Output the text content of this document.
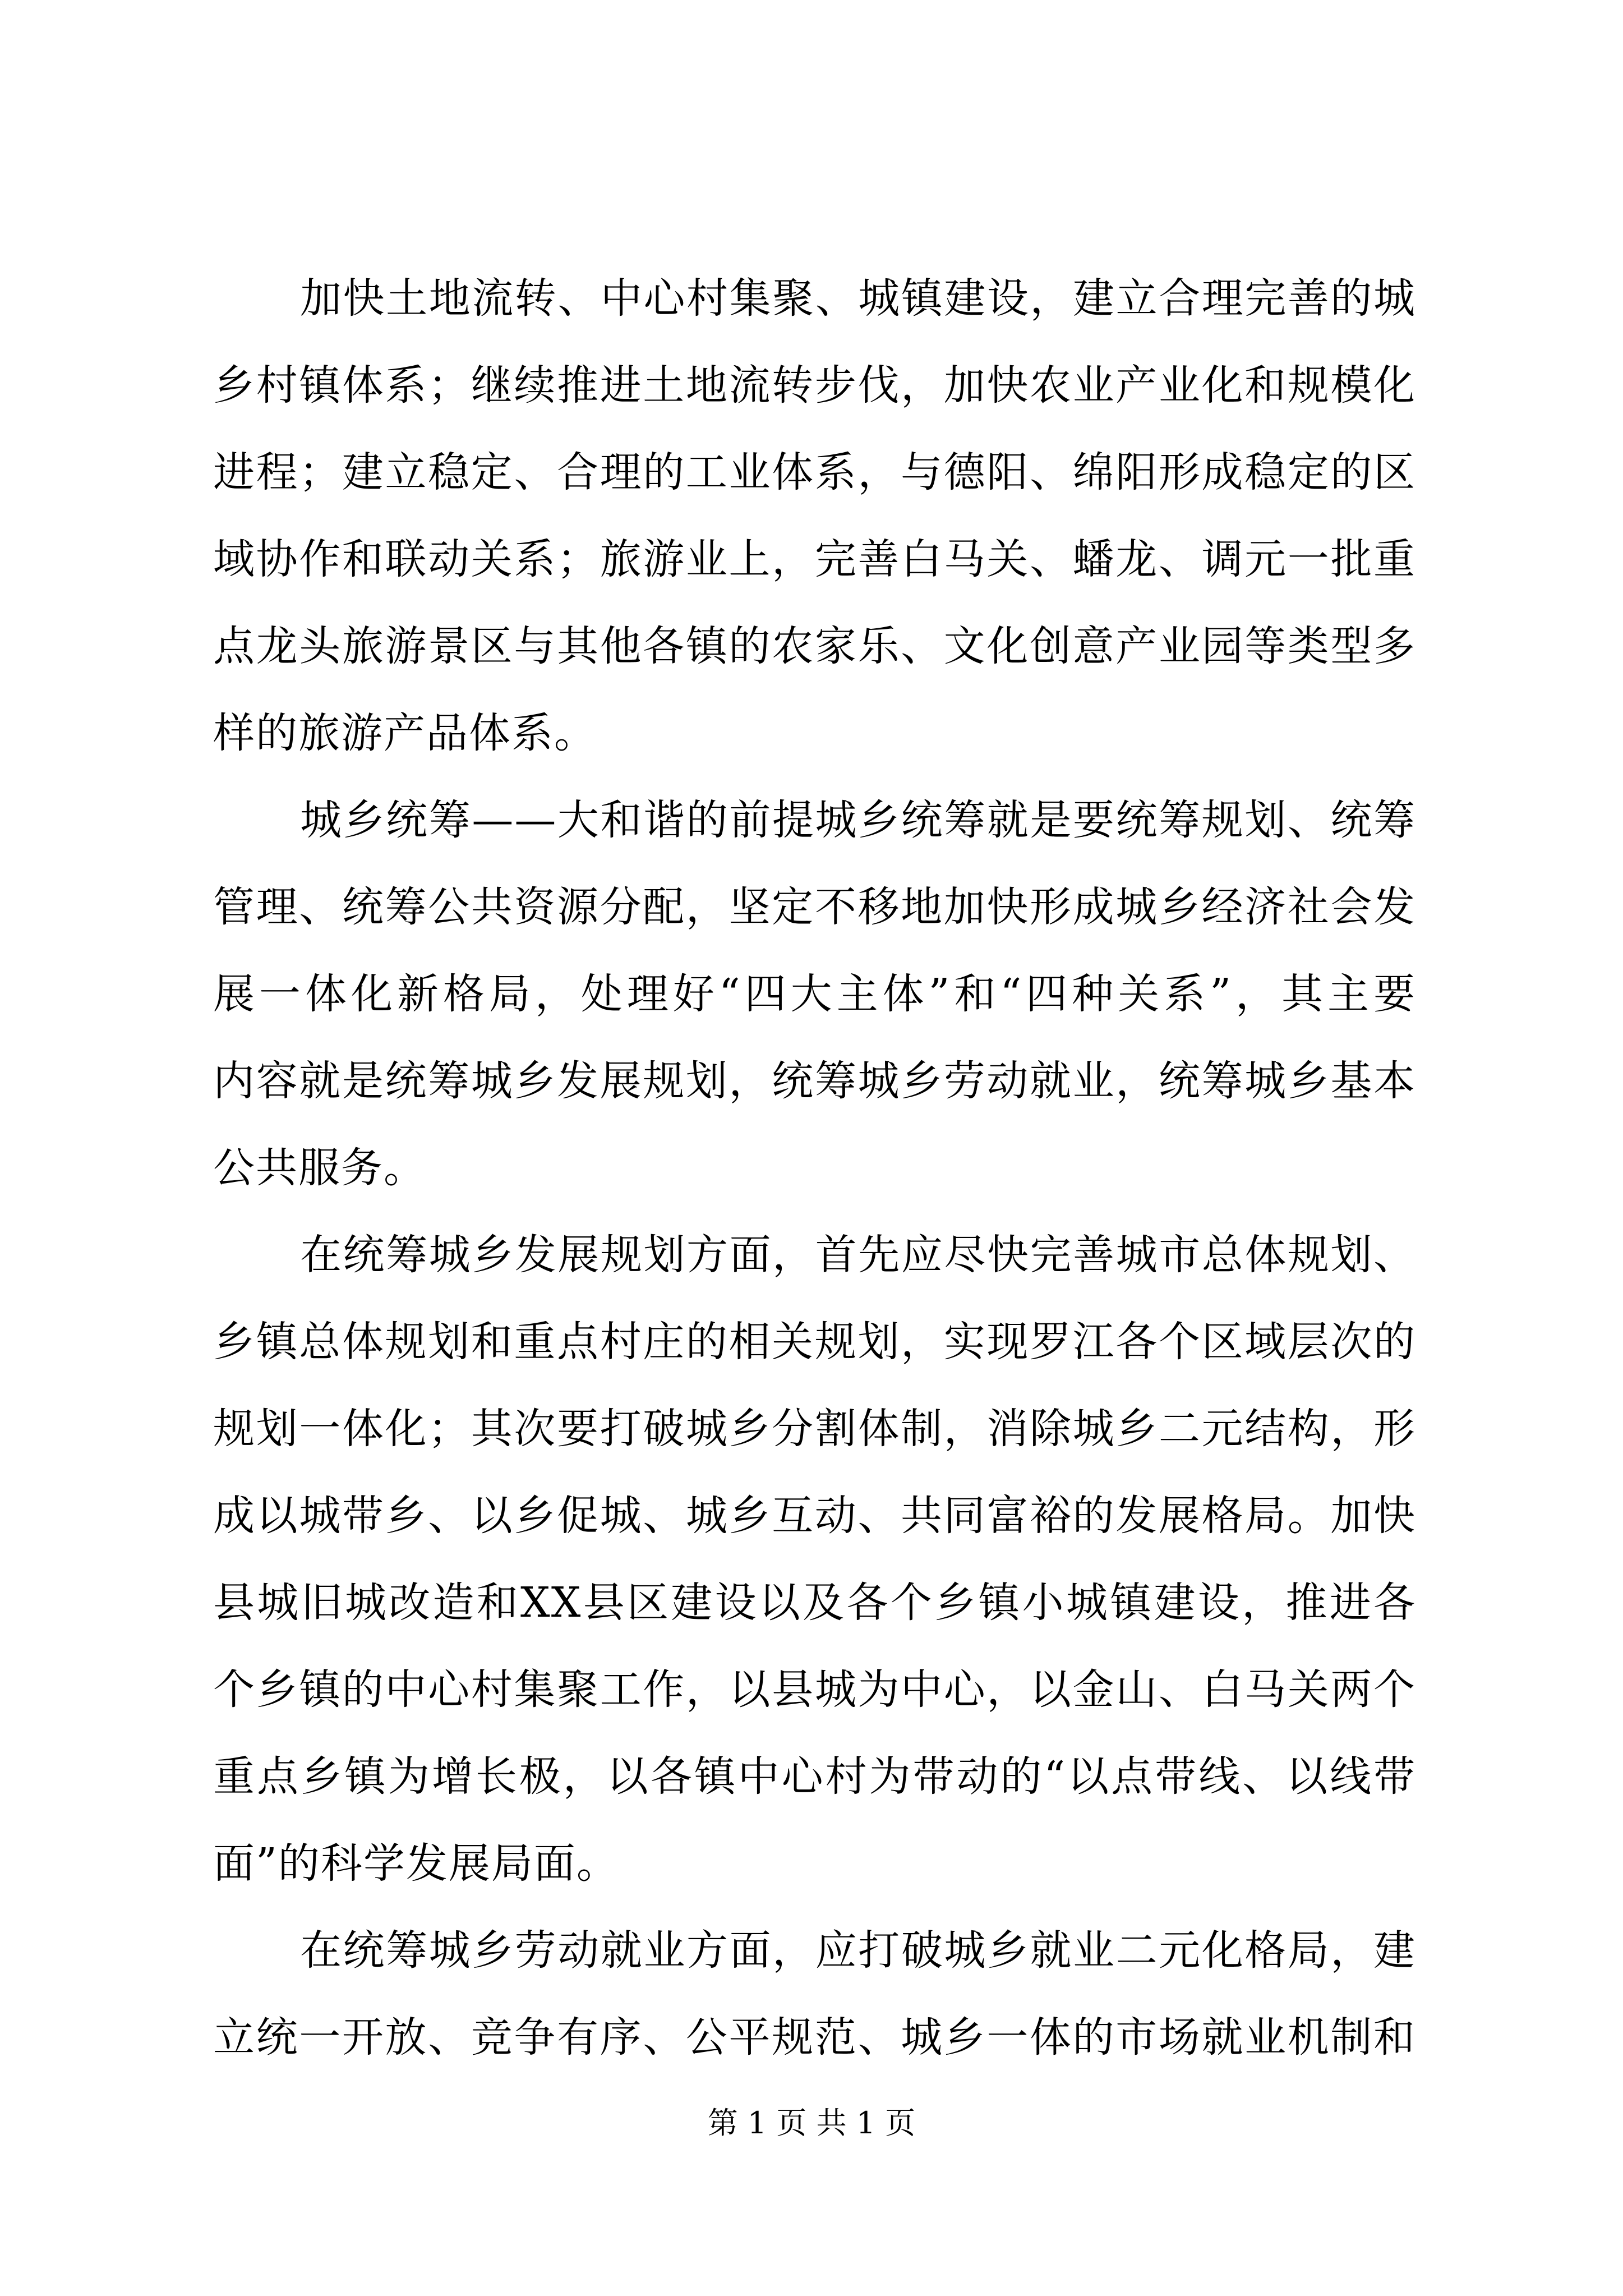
加快土地流转、中心村集聚、城镇建设，建立合理完善的城
乡村镇体系；继续推进土地流转步伐，加快农业产业化和规模化
进程；建立稳定、合理的工业体系，与德阳、绵阳形成稳定的区
域协作和联动关系；旅游业上，完善白马关、蟠龙、调元一批重
点龙头旅游景区与其他各镇的农家乐、文化创意产业园等类型多
样的旅游产品体系。

城乡统筹——大和谐的前提城乡统筹就是要统筹规划、统筹
管理、统筹公共资源分配，坚定不移地加快形成城乡经济社会发
展一体化新格局，处理好“四大主体”和“四种关系”，其主要
内容就是统筹城乡发展规划，统筹城乡劳动就业，统筹城乡基本
公共服务。

在统筹城乡发展规划方面，首先应尽快完善城市总体规划、
乡镇总体规划和重点村庄的相关规划，实现罗江各个区域层次的
规划一体化；其次要打破城乡分割体制，消除城乡二元结构，形
成以城带乡、以乡促城、城乡互动、共同富裕的发展格局。加快
县城旧城改造和XX县区建设以及各个乡镇小城镇建设，推进各
个乡镇的中心村集聚工作，以县城为中心，以金山、白马关两个
重点乡镇为增长极，以各镇中心村为带动的“以点带线、以线带
面”的科学发展局面。

在统筹城乡劳动就业方面，应打破城乡就业二元化格局，建
立统一开放、竞争有序、公平规范、城乡一体的市场就业机制和

第 1 页 共 1 页
